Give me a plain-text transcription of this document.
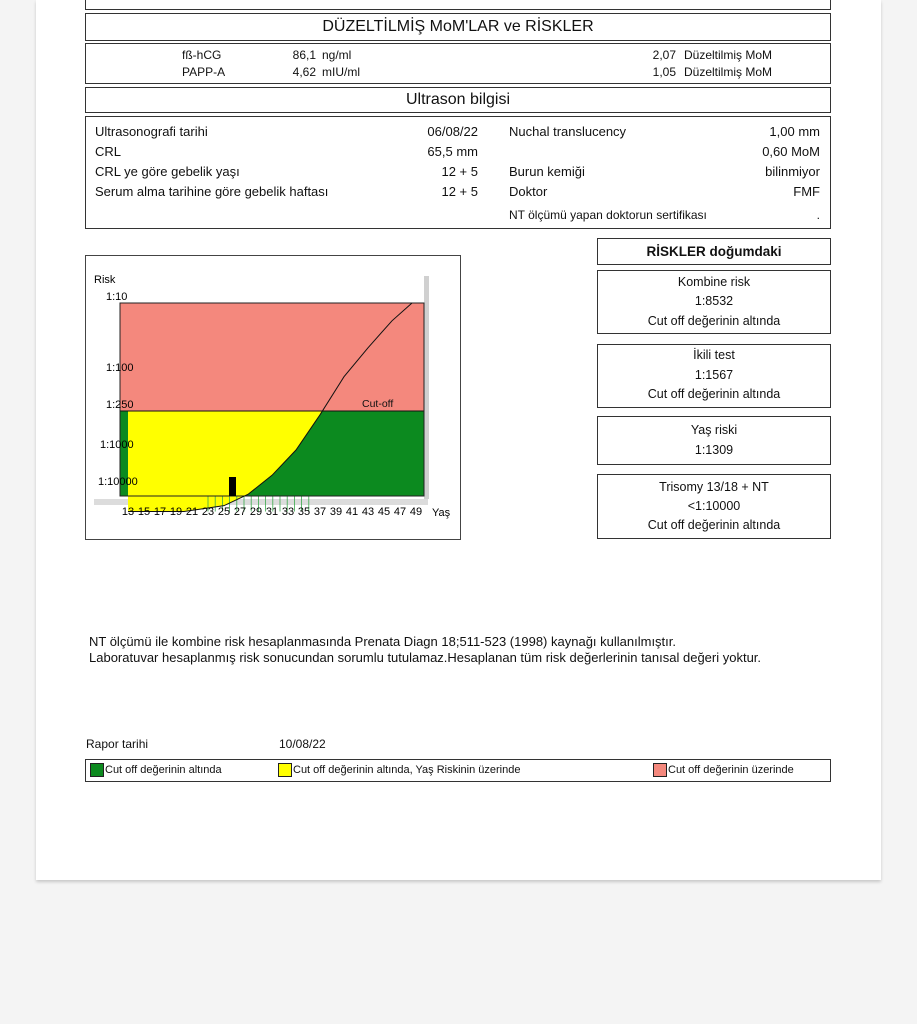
DÜZELTİLMİŞ MoM'LAR ve RİSKLER
fß-hCG	86,1 ng/ml	2,07 Düzeltilmiş MoM
PAPP-A	4,62 mIU/ml	1,05 Düzeltilmiş MoM
Ultrason bilgisi
Ultrasonografi tarihi	06/08/22
CRL	65,5 mm
CRL ye göre gebelik yaşı	12 + 5
Serum alma tarihine göre gebelik haftası	12 + 5
Nuchal translucency	1,00 mm
0,60 MoM
Burun kemiği	bilinmiyor
Doktor	FMF
NT ölçümü yapan doktorun sertifikası	.
Risk
1:10
1:100
1:250
1:1000
1:10000
Cut-off
13 15 17 19 21 23 25 27 29 31 33 35 37 39 41 43 45 47 49 Yaş
RİSKLER doğumdaki
Kombine risk
1:8532
Cut off değerinin altında
İkili test
1:1567
Cut off değerinin altında
Yaş riski
1:1309
Trisomy 13/18 + NT
<1:10000
Cut off değerinin altında
NT ölçümü ile kombine risk hesaplanmasında Prenata Diagn 18;511-523 (1998) kaynağı kullanılmıştır.
Laboratuvar hesaplanmış risk sonucundan sorumlu tutulamaz.Hesaplanan tüm risk değerlerinin tanısal değeri yoktur.
Rapor tarihi	10/08/22
Cut off değerinin altında	Cut off değerinin altında, Yaş Riskinin üzerinde	Cut off değerinin üzerinde
